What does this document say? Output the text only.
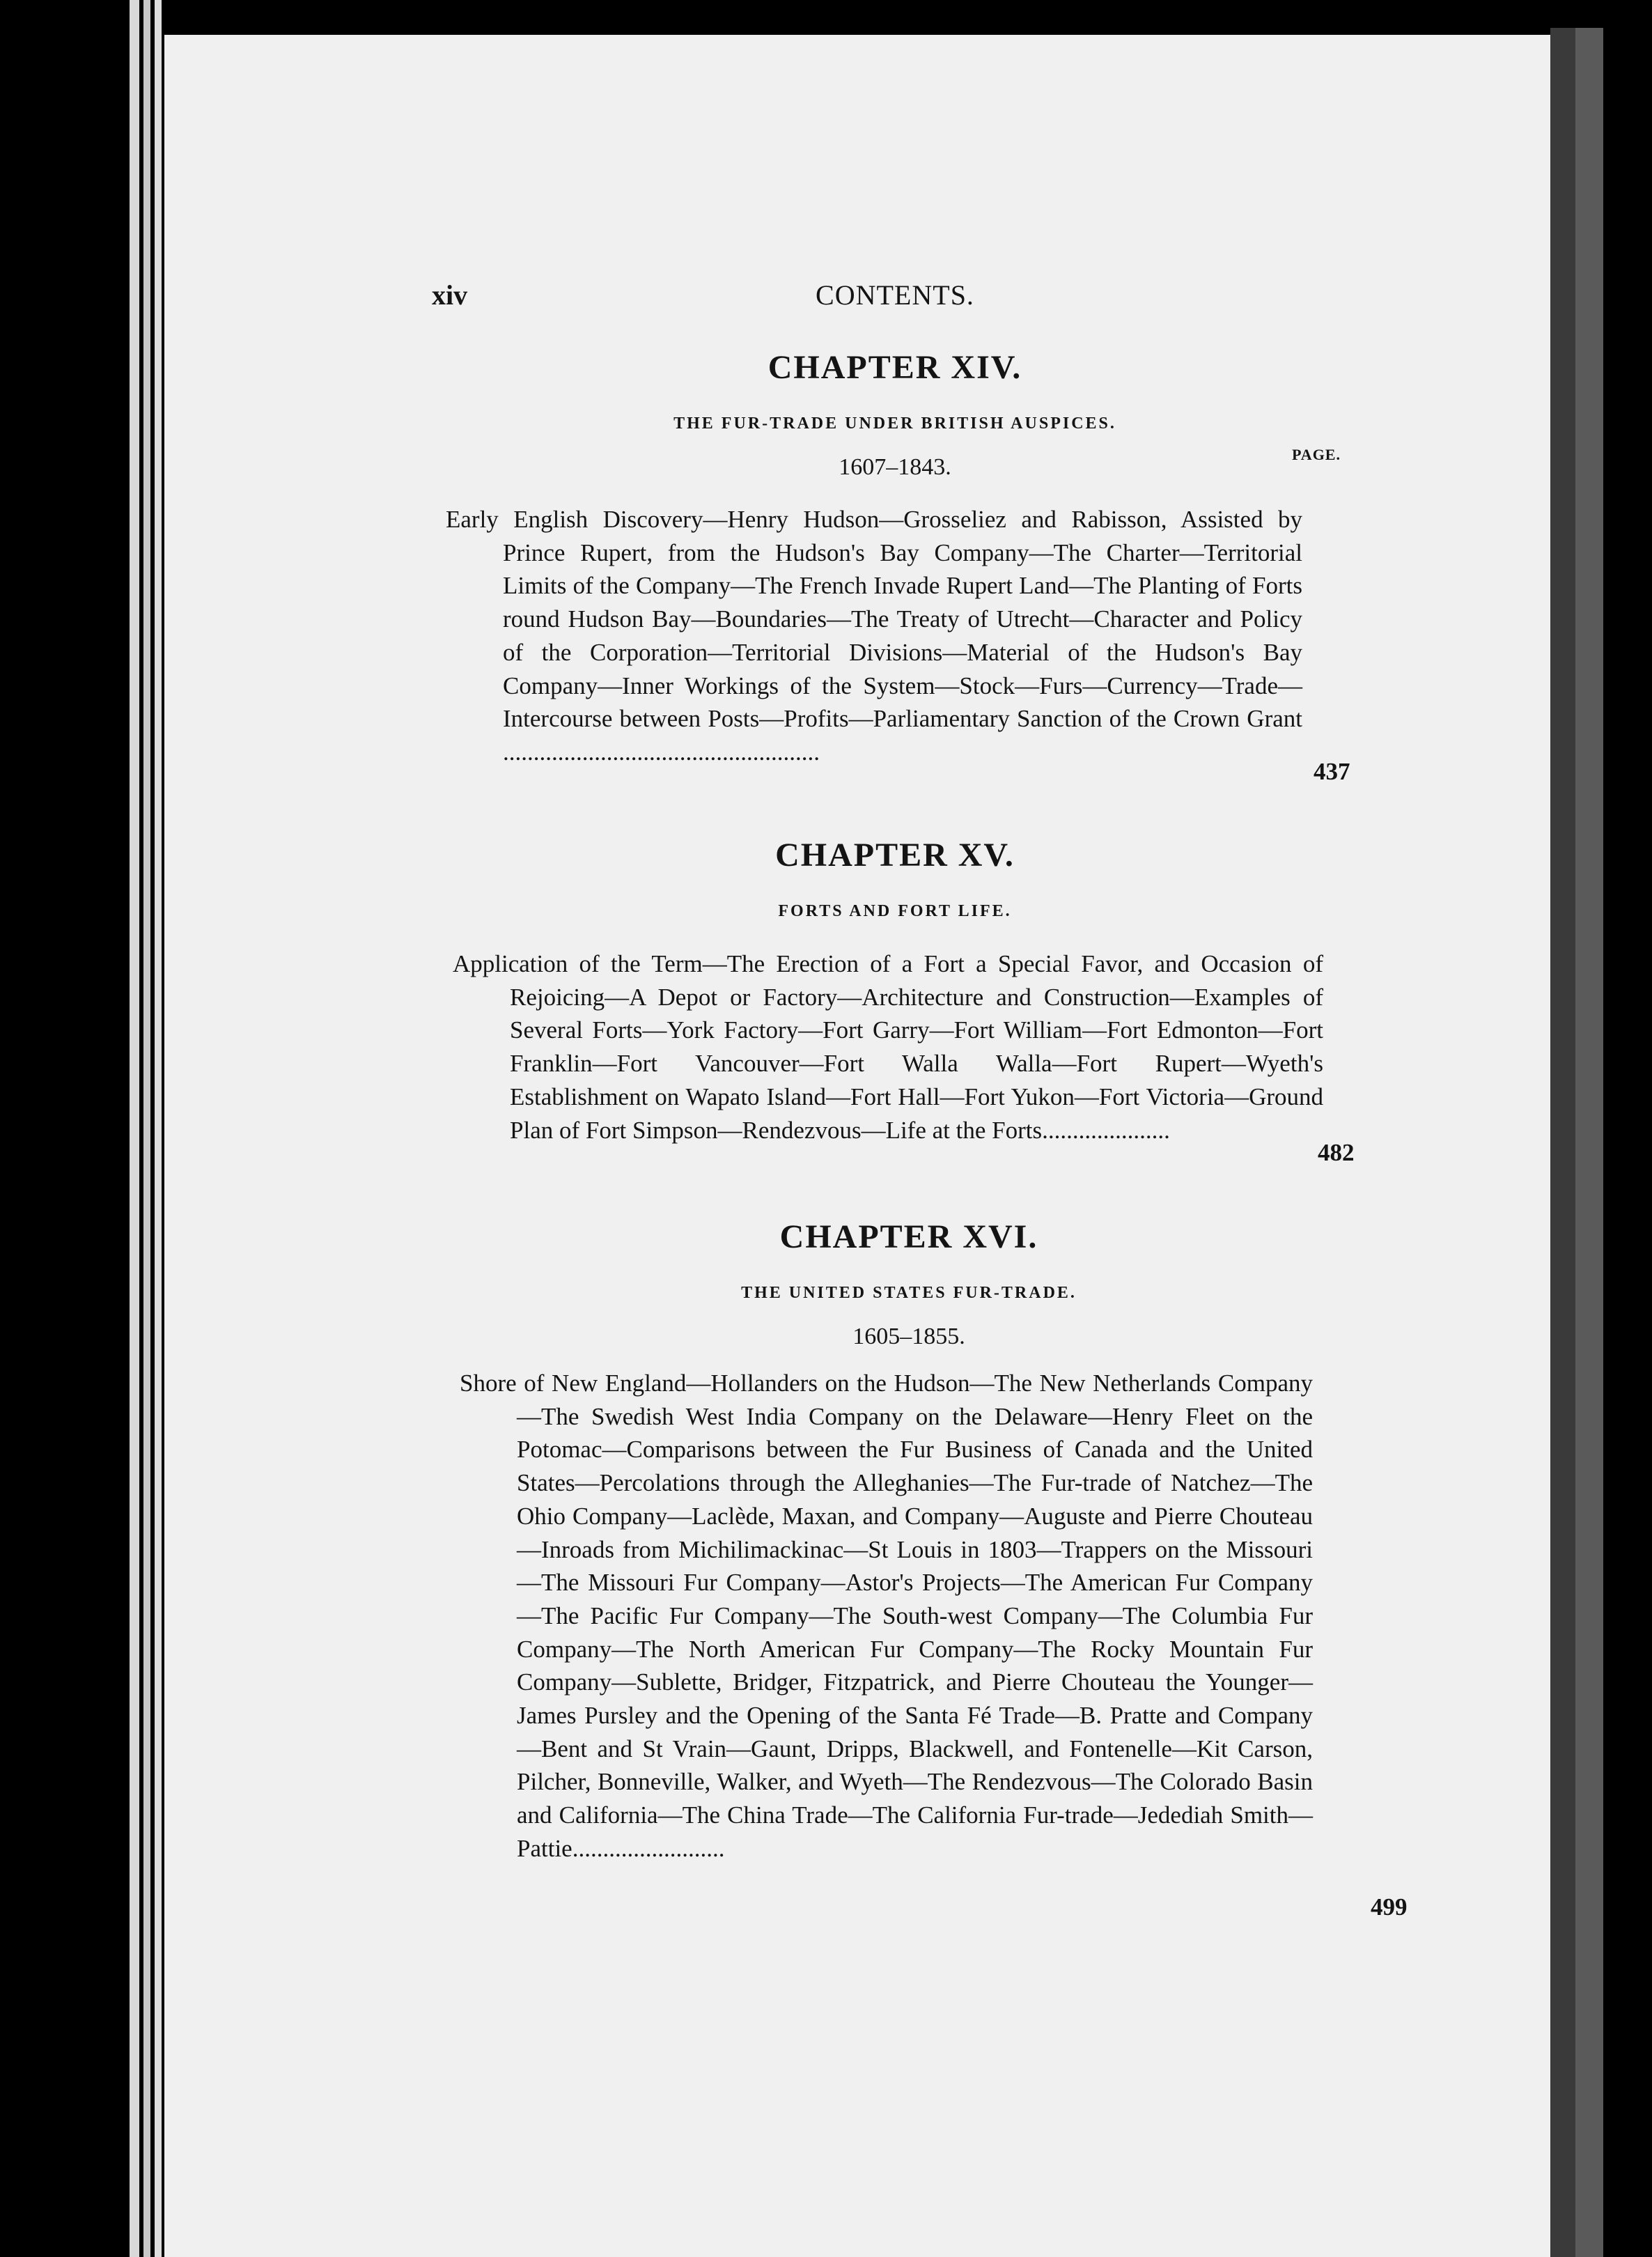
xiv	CONTENTS.
CHAPTER XIV.
THE FUR-TRADE UNDER BRITISH AUSPICES.
1607–1843.	PAGE.

Early English Discovery—Henry Hudson—Grosseliez and Rabisson, Assisted by Prince Rupert, from the Hudson's Bay Company—The Charter—Territorial Limits of the Company—The French Invade Rupert Land—The Planting of Forts round Hudson Bay—Boundaries—The Treaty of Utrecht—Character and Policy of the Corporation—Territorial Divisions—Material of the Hudson's Bay Company—Inner Workings of the System—Stock—Furs—Currency—Trade—Intercourse between Posts—Profits—Parliamentary Sanction of the Crown Grant ....................................................

437
CHAPTER XV.
FORTS AND FORT LIFE.

Application of the Term—The Erection of a Fort a Special Favor, and Occasion of Rejoicing—A Depot or Factory—Architecture and Construction—Examples of Several Forts—York Factory—Fort Garry—Fort William—Fort Edmonton—Fort Franklin—Fort Vancouver—Fort Walla Walla—Fort Rupert—Wyeth's Establishment on Wapato Island—Fort Hall—Fort Yukon—Fort Victoria—Ground Plan of Fort Simpson—Rendezvous—Life at the Forts.....................

482
CHAPTER XVI.
THE UNITED STATES FUR-TRADE.
1605–1855.

Shore of New England—Hollanders on the Hudson—The New Netherlands Company—The Swedish West India Company on the Delaware—Henry Fleet on the Potomac—Comparisons between the Fur Business of Canada and the United States—Percolations through the Alleghanies—The Fur-trade of Natchez—The Ohio Company—Laclède, Maxan, and Company—Auguste and Pierre Chouteau—Inroads from Michilimackinac—St Louis in 1803—Trappers on the Missouri—The Missouri Fur Company—Astor's Projects—The American Fur Company—The Pacific Fur Company—The South-west Company—The Columbia Fur Company—The North American Fur Company—The Rocky Mountain Fur Company—Sublette, Bridger, Fitzpatrick, and Pierre Chouteau the Younger—James Pursley and the Opening of the Santa Fé Trade—B. Pratte and Company—Bent and St Vrain—Gaunt, Dripps, Blackwell, and Fontenelle—Kit Carson, Pilcher, Bonneville, Walker, and Wyeth—The Rendezvous—The Colorado Basin and California—The China Trade—The California Fur-trade—Jedediah Smith—Pattie.........................

499
